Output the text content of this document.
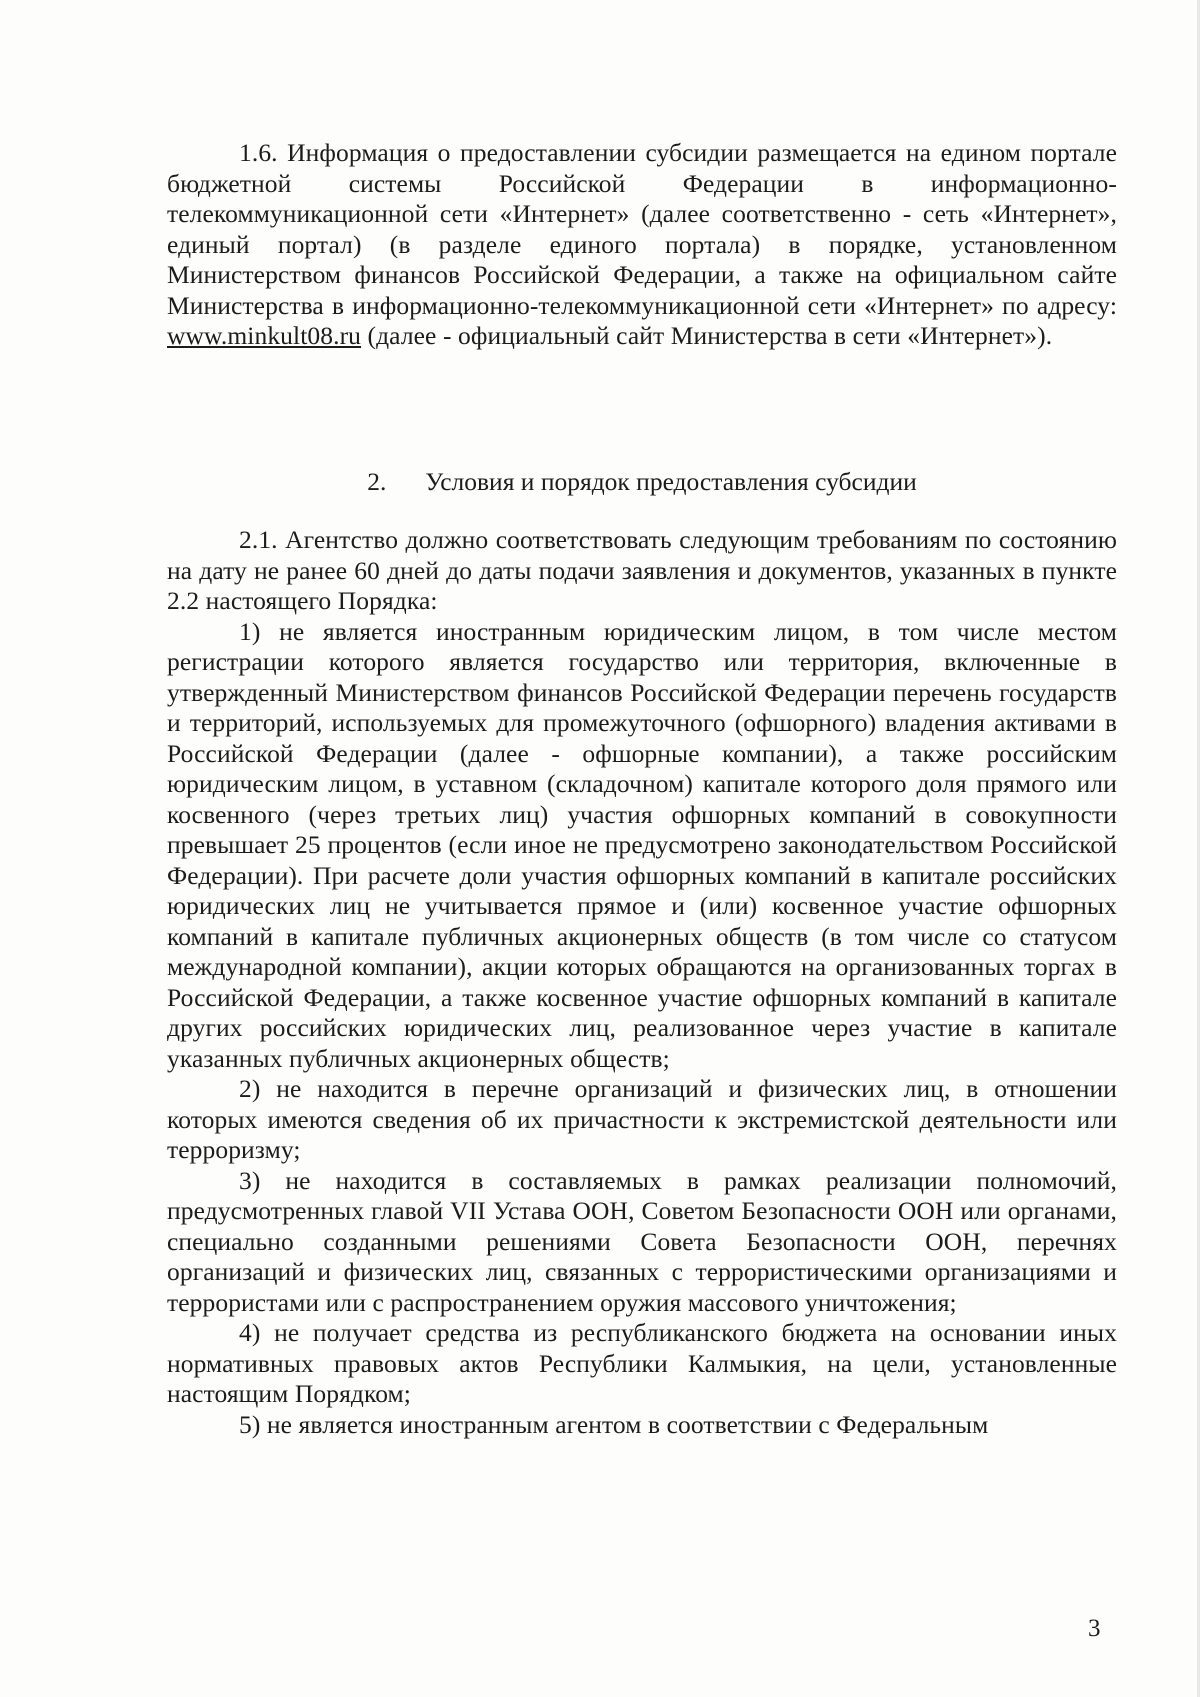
1.6. Информация о предоставлении субсидии размещается на едином портале бюджетной системы Российской Федерации в информационно-телекоммуникационной сети «Интернет» (далее соответственно - сеть «Интернет», единый портал) (в разделе единого портала) в порядке, установленном Министерством финансов Российской Федерации, а также на официальном сайте Министерства в информационно-телекоммуникационной сети «Интернет» по адресу: www.minkult08.ru (далее - официальный сайт Министерства в сети «Интернет»).

2. Условия и порядок предоставления субсидии

2.1. Агентство должно соответствовать следующим требованиям по состоянию на дату не ранее 60 дней до даты подачи заявления и документов, указанных в пункте 2.2 настоящего Порядка:

1) не является иностранным юридическим лицом, в том числе местом регистрации которого является государство или территория, включенные в утвержденный Министерством финансов Российской Федерации перечень государств и территорий, используемых для промежуточного (офшорного) владения активами в Российской Федерации (далее - офшорные компании), а также российским юридическим лицом, в уставном (складочном) капитале которого доля прямого или косвенного (через третьих лиц) участия офшорных компаний в совокупности превышает 25 процентов (если иное не предусмотрено законодательством Российской Федерации). При расчете доли участия офшорных компаний в капитале российских юридических лиц не учитывается прямое и (или) косвенное участие офшорных компаний в капитале публичных акционерных обществ (в том числе со статусом международной компании), акции которых обращаются на организованных торгах в Российской Федерации, а также косвенное участие офшорных компаний в капитале других российских юридических лиц, реализованное через участие в капитале указанных публичных акционерных обществ;

2) не находится в перечне организаций и физических лиц, в отношении которых имеются сведения об их причастности к экстремистской деятельности или терроризму;

3) не находится в составляемых в рамках реализации полномочий, предусмотренных главой VII Устава ООН, Советом Безопасности ООН или органами, специально созданными решениями Совета Безопасности ООН, перечнях организаций и физических лиц, связанных с террористическими организациями и террористами или с распространением оружия массового уничтожения;

4) не получает средства из республиканского бюджета на основании иных нормативных правовых актов Республики Калмыкия, на цели, установленные настоящим Порядком;

5) не является иностранным агентом в соответствии с Федеральным

3
